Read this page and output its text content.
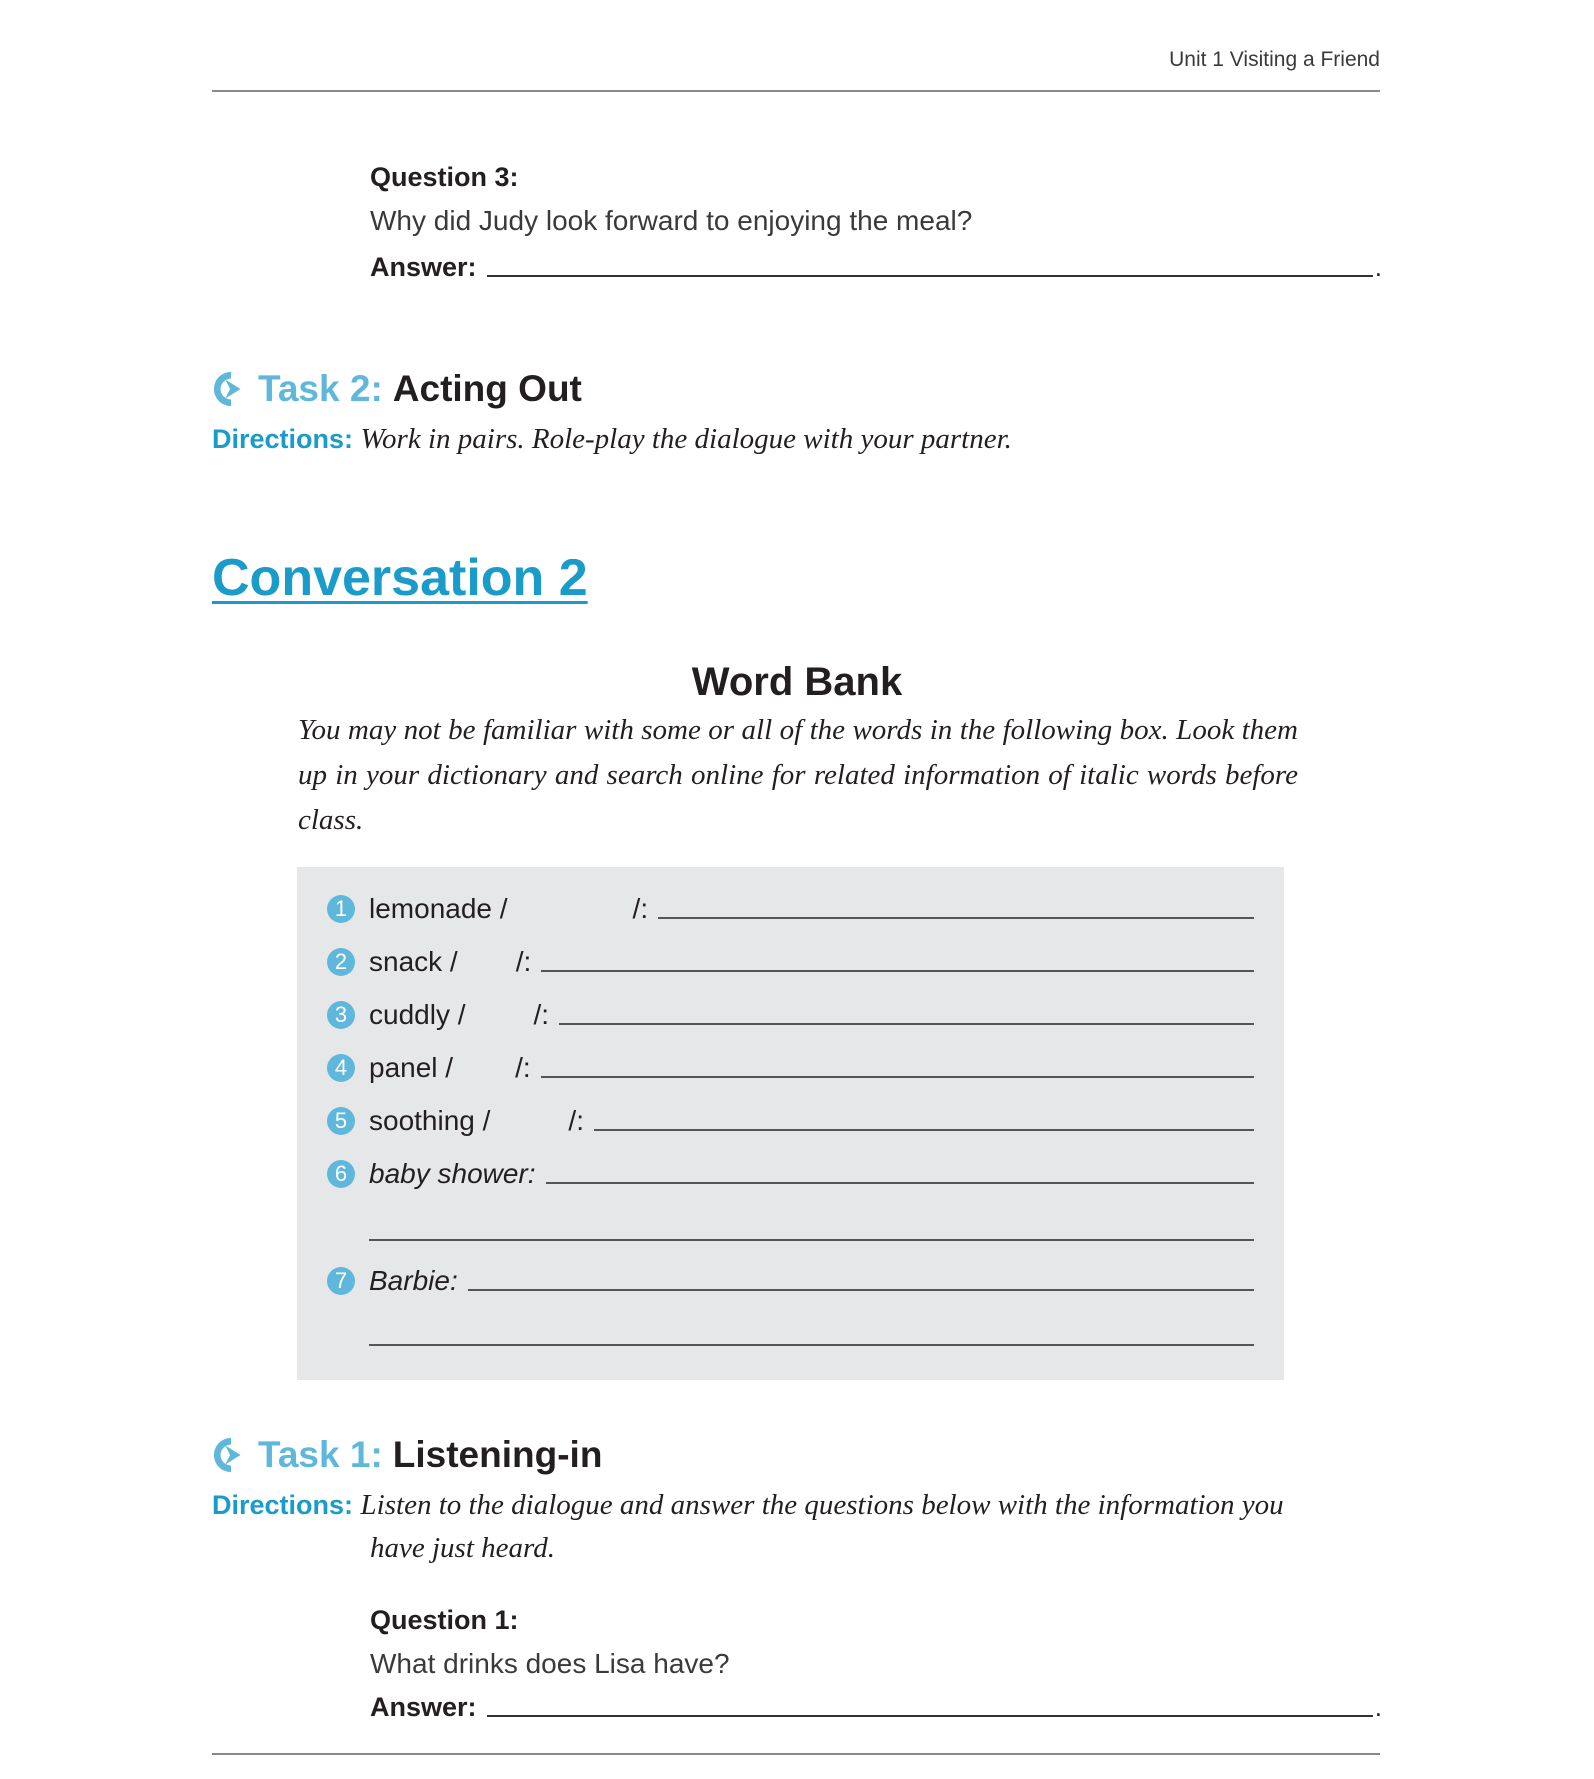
Unit 1 Visiting a Friend
Question 3:
Why did Judy look forward to enjoying the meal?
Answer:	.
Task 2: Acting Out
Directions: Work in pairs. Role-play the dialogue with your partner.
Conversation 2
Word Bank
You may not be familiar with some or all of the words in the following box. Look them up in your dictionary and search online for related information of italic words before class.
1 lemonade /	/:
2 snack / /:
3 cuddly / /:
4 panel / /:
5 soothing /	/:
6 baby shower:
7 Barbie:
Task 1: Listening-in
Directions: Listen to the dialogue and answer the questions below with the information you
have just heard.
Question 1:
What drinks does Lisa have?
Answer:	.
